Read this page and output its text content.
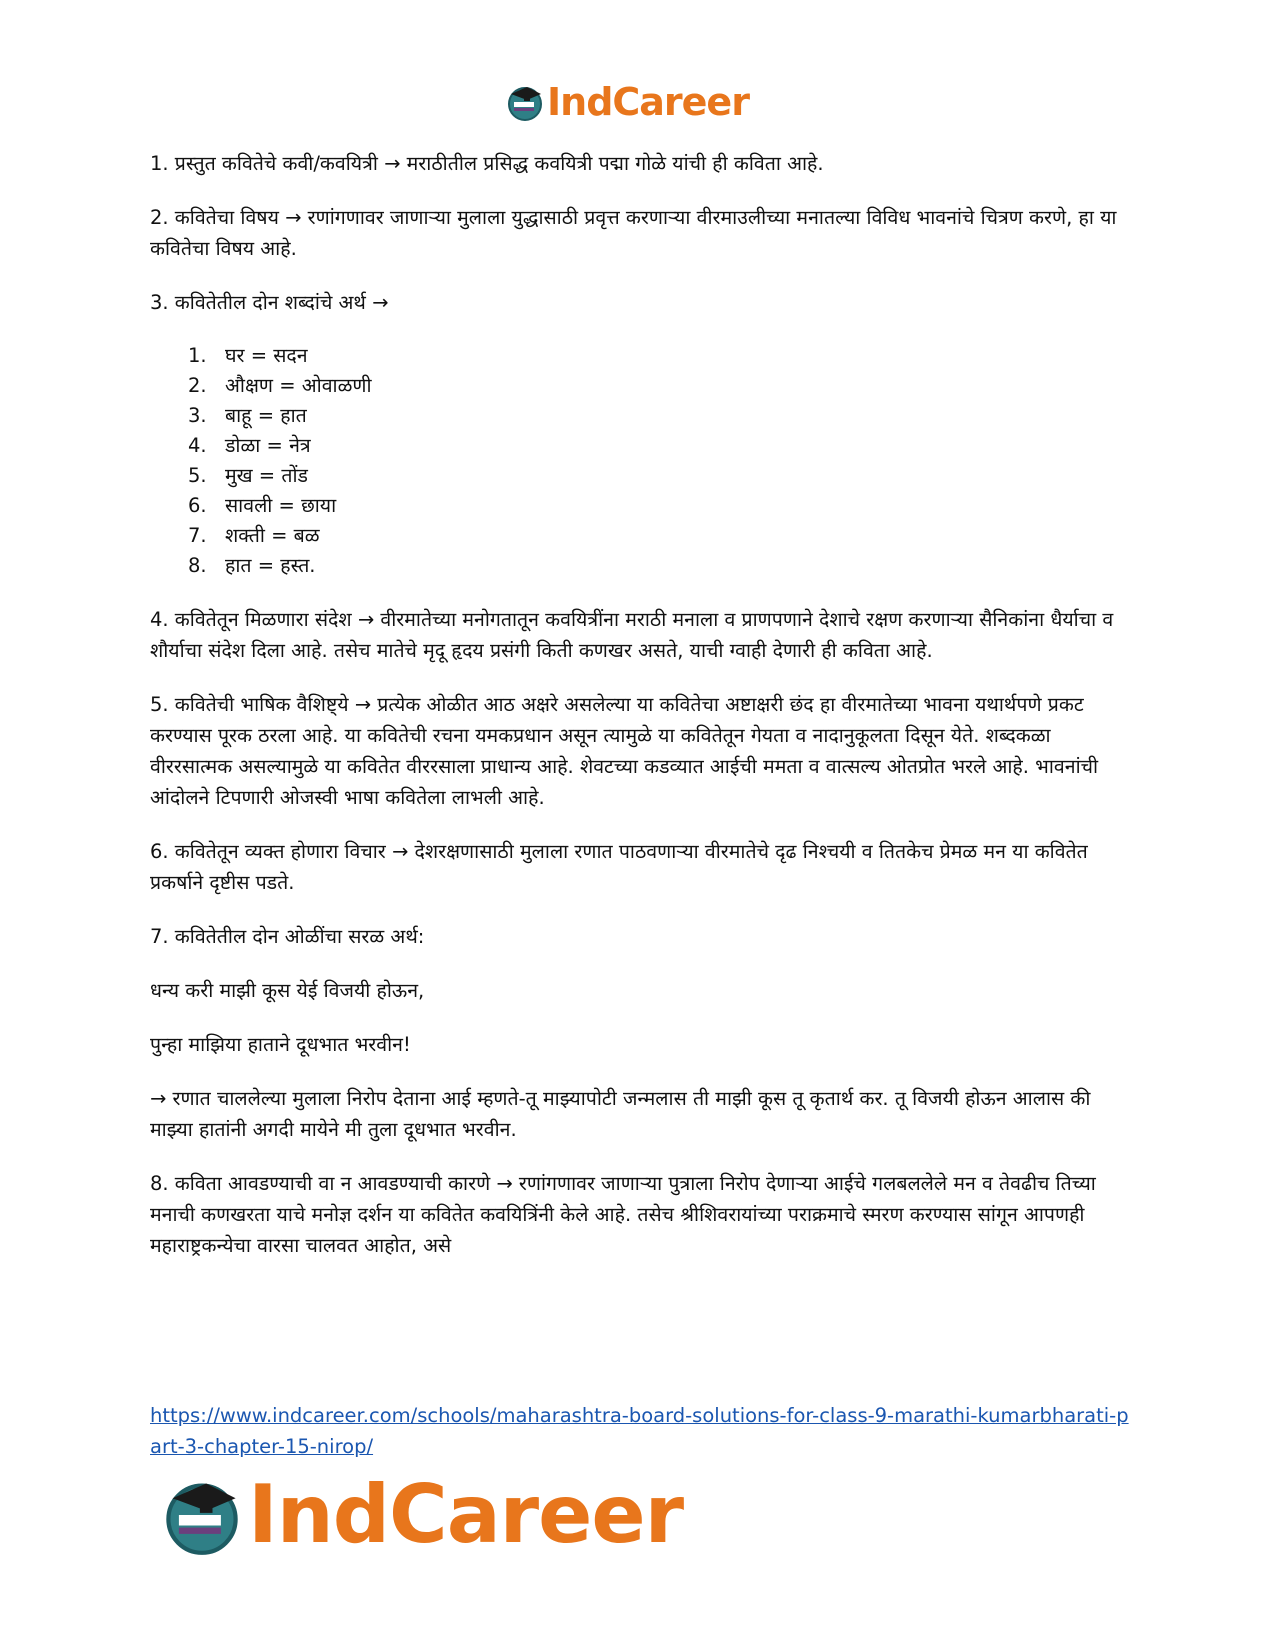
IndCareer

1. प्रस्तुत कवितेचे कवी/कवयित्री → मराठीतील प्रसिद्ध कवयित्री पद्मा गोळे यांची ही कविता आहे.

2. कवितेचा विषय → रणांगणावर जाणाऱ्या मुलाला युद्धासाठी प्रवृत्त करणाऱ्या वीरमाउलीच्या मनातल्या विविध भावनांचे चित्रण करणे, हा या कवितेचा विषय आहे.

3. कवितेतील दोन शब्दांचे अर्थ →

1. घर = सदन
2. औक्षण = ओवाळणी
3. बाहू = हात
4. डोळा = नेत्र
5. मुख = तोंड
6. सावली = छाया
7. शक्ती = बळ
8. हात = हस्त.

4. कवितेतून मिळणारा संदेश → वीरमातेच्या मनोगतातून कवयित्रींना मराठी मनाला व प्राणपणाने देशाचे रक्षण करणाऱ्या सैनिकांना धैर्याचा व शौर्याचा संदेश दिला आहे. तसेच मातेचे मृदू हृदय प्रसंगी किती कणखर असते, याची ग्वाही देणारी ही कविता आहे.

5. कवितेची भाषिक वैशिष्ट्ये → प्रत्येक ओळीत आठ अक्षरे असलेल्या या कवितेचा अष्टाक्षरी छंद हा वीरमातेच्या भावना यथार्थपणे प्रकट करण्यास पूरक ठरला आहे. या कवितेची रचना यमकप्रधान असून त्यामुळे या कवितेतून गेयता व नादानुकूलता दिसून येते. शब्दकळा वीररसात्मक असल्यामुळे या कवितेत वीररसाला प्राधान्य आहे. शेवटच्या कडव्यात आईची ममता व वात्सल्य ओतप्रोत भरले आहे. भावनांची आंदोलने टिपणारी ओजस्वी भाषा कवितेला लाभली आहे.

6. कवितेतून व्यक्त होणारा विचार → देशरक्षणासाठी मुलाला रणात पाठवणाऱ्या वीरमातेचे दृढ निश्चयी व तितकेच प्रेमळ मन या कवितेत प्रकर्षाने दृष्टीस पडते.

7. कवितेतील दोन ओळींचा सरळ अर्थ:

धन्य करी माझी कूस येई विजयी होऊन,

पुन्हा माझिया हाताने दूधभात भरवीन!

→ रणात चाललेल्या मुलाला निरोप देताना आई म्हणते-तू माझ्यापोटी जन्मलास ती माझी कूस तू कृतार्थ कर. तू विजयी होऊन आलास की माझ्या हातांनी अगदी मायेने मी तुला दूधभात भरवीन.

8. कविता आवडण्याची वा न आवडण्याची कारणे → रणांगणावर जाणाऱ्या पुत्राला निरोप देणाऱ्या आईचे गलबललेले मन व तेवढीच तिच्या मनाची कणखरता याचे मनोज्ञ दर्शन या कवितेत कवयित्रिंनी केले आहे. तसेच श्रीशिवरायांच्या पराक्रमाचे स्मरण करण्यास सांगून आपणही महाराष्ट्रकन्येचा वारसा चालवत आहोत, असे

https://www.indcareer.com/schools/maharashtra-board-solutions-for-class-9-marathi-kumarbharati-part-3-chapter-15-nirop/
IndCareer
